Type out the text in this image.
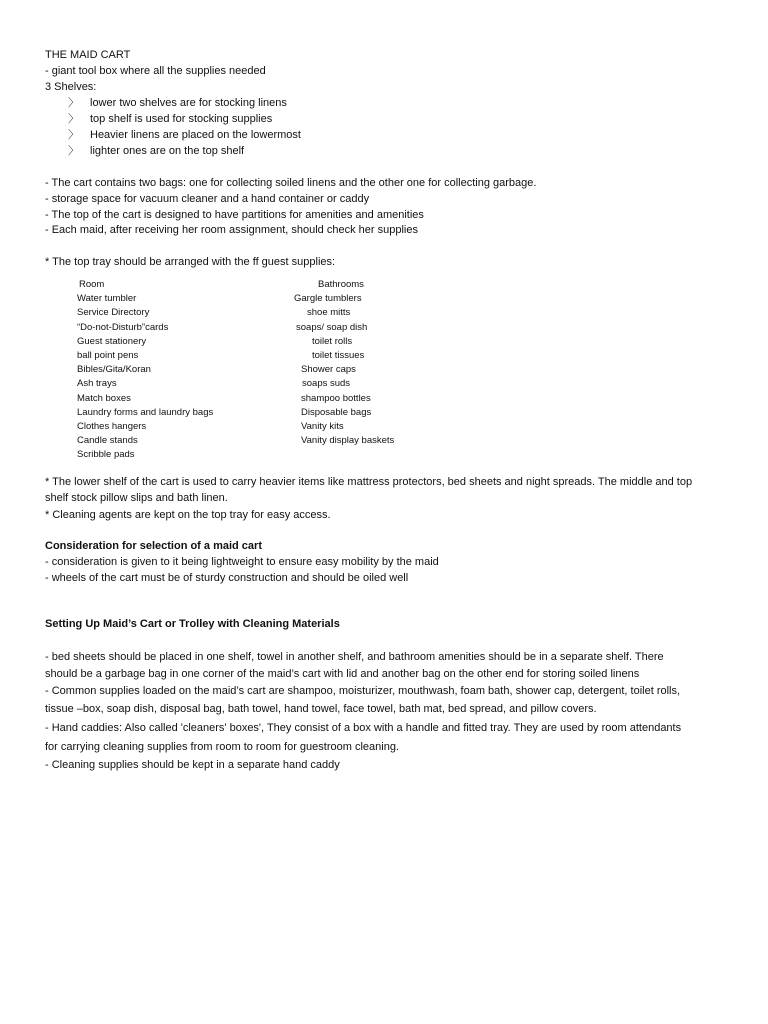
THE MAID CART
- giant tool box where all the supplies needed
3 Shelves:
〉 lower two shelves are for stocking linens
〉 top shelf is used for stocking supplies
〉 Heavier linens are placed on the lowermost
〉 lighter ones are on the top shelf
- The cart contains two bags: one for collecting soiled linens and the other one for collecting garbage.
- storage space for vacuum cleaner and a hand container or caddy
- The top of the cart is designed to have partitions for amenities and amenities
- Each maid, after receiving her room assignment, should check her supplies
* The top tray should be arranged with the ff guest supplies:
Room
Water tumbler
Service Directory
“Do-not-Disturb”cards
Guest stationery
ball point pens
Bibles/Gita/Koran
Ash trays
Match boxes
Laundry forms and laundry bags
Clothes hangers
Candle stands
Scribble pads
Bathrooms
Gargle tumblers
shoe mitts
soaps/ soap dish
toilet rolls
toilet tissues
Shower caps
soaps suds
shampoo bottles
Disposable bags
Vanity kits
Vanity display baskets
* The lower shelf of the cart is used to carry heavier items like mattress protectors, bed sheets and night spreads. The middle and top
shelf stock pillow slips and bath linen.
* Cleaning agents are kept on the top tray for easy access.
Consideration for selection of a maid cart
- consideration is given to it being lightweight to ensure easy mobility by the maid
- wheels of the cart must be of sturdy construction and should be oiled well
Setting Up Maid’s Cart or Trolley with Cleaning Materials
- bed sheets should be placed in one shelf, towel in another shelf, and bathroom amenities should be in a separate shelf. There
should be a garbage bag in one corner of the maid’s cart with lid and another bag on the other end for storing soiled linens
- Common supplies loaded on the maid’s cart are shampoo, moisturizer, mouthwash, foam bath, shower cap, detergent, toilet rolls,
tissue –box, soap dish, disposal bag, bath towel, hand towel, face towel, bath mat, bed spread, and pillow covers.
- Hand caddies: Also called 'cleaners' boxes', They consist of a box with a handle and fitted tray. They are used by room attendants
for carrying cleaning supplies from room to room for guestroom cleaning.
- Cleaning supplies should be kept in a separate hand caddy
